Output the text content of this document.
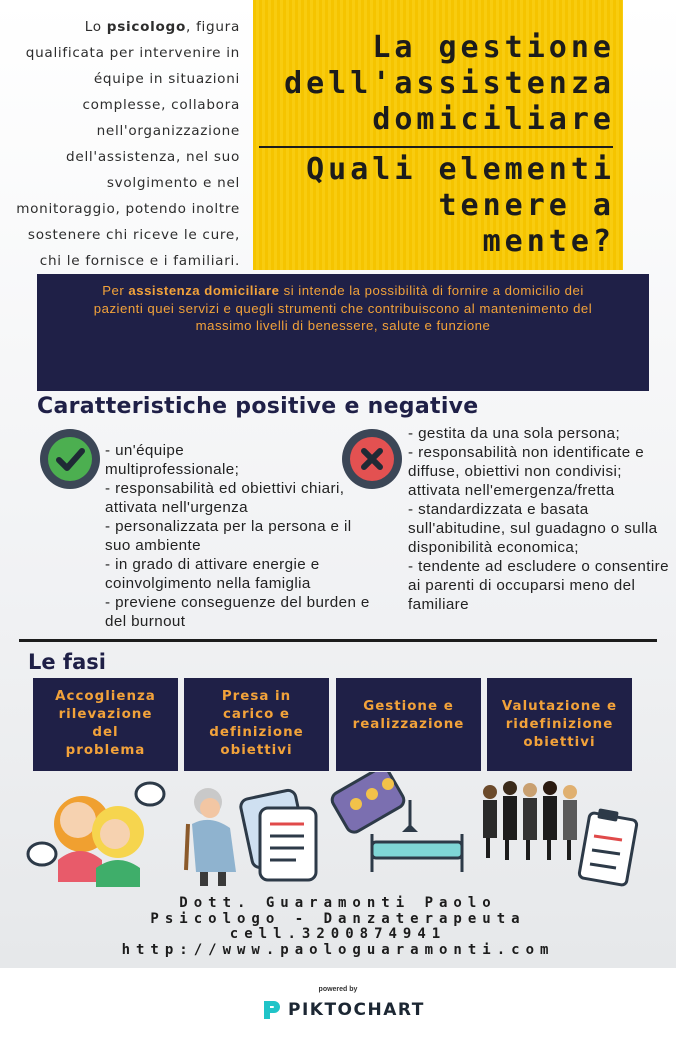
Lo psicologo, figura qualificata per intervenire in équipe in situazioni complesse, collabora nell'organizzazione dell'assistenza, nel suo svolgimento e nel monitoraggio, potendo inoltre sostenere chi riceve le cure, chi le fornisce e i familiari.

La gestione
dell'assistenza
domiciliare
Quali elementi
tenere a
mente?
Per assistenza domiciliare si intende la possibilità di fornire a domicilio dei pazienti quei servizi e quegli strumenti che contribuiscono al mantenimento del massimo livelli di benessere, salute e funzione
Caratteristiche positive e negative
- un'équipe
multiprofessionale;
- responsabilità ed obiettivi chiari, attivata nell'urgenza
- personalizzata per la persona e il suo ambiente
- in grado di attivare energie e coinvolgimento nella famiglia
- previene conseguenze del burden e del burnout
- gestita da una sola persona;
- responsabilità non identificate e diffuse, obiettivi non condivisi; attivata nell'emergenza/fretta
- standardizzata e basata sull'abitudine, sul guadagno o sulla disponibilità economica;
- tendente ad escludere o consentire ai parenti di occuparsi meno del familiare
Le fasi
Accoglienza
rilevazione
del
problema
Presa in
carico e
definizione
obiettivi
Gestione e
realizzazione
Valutazione e
ridefinizione
obiettivi
Dott. Guaramonti Paolo
Psicologo - Danzaterapeuta
cell.3200874941
http://www.paologuaramonti.com
powered by
PIKTOCHART
